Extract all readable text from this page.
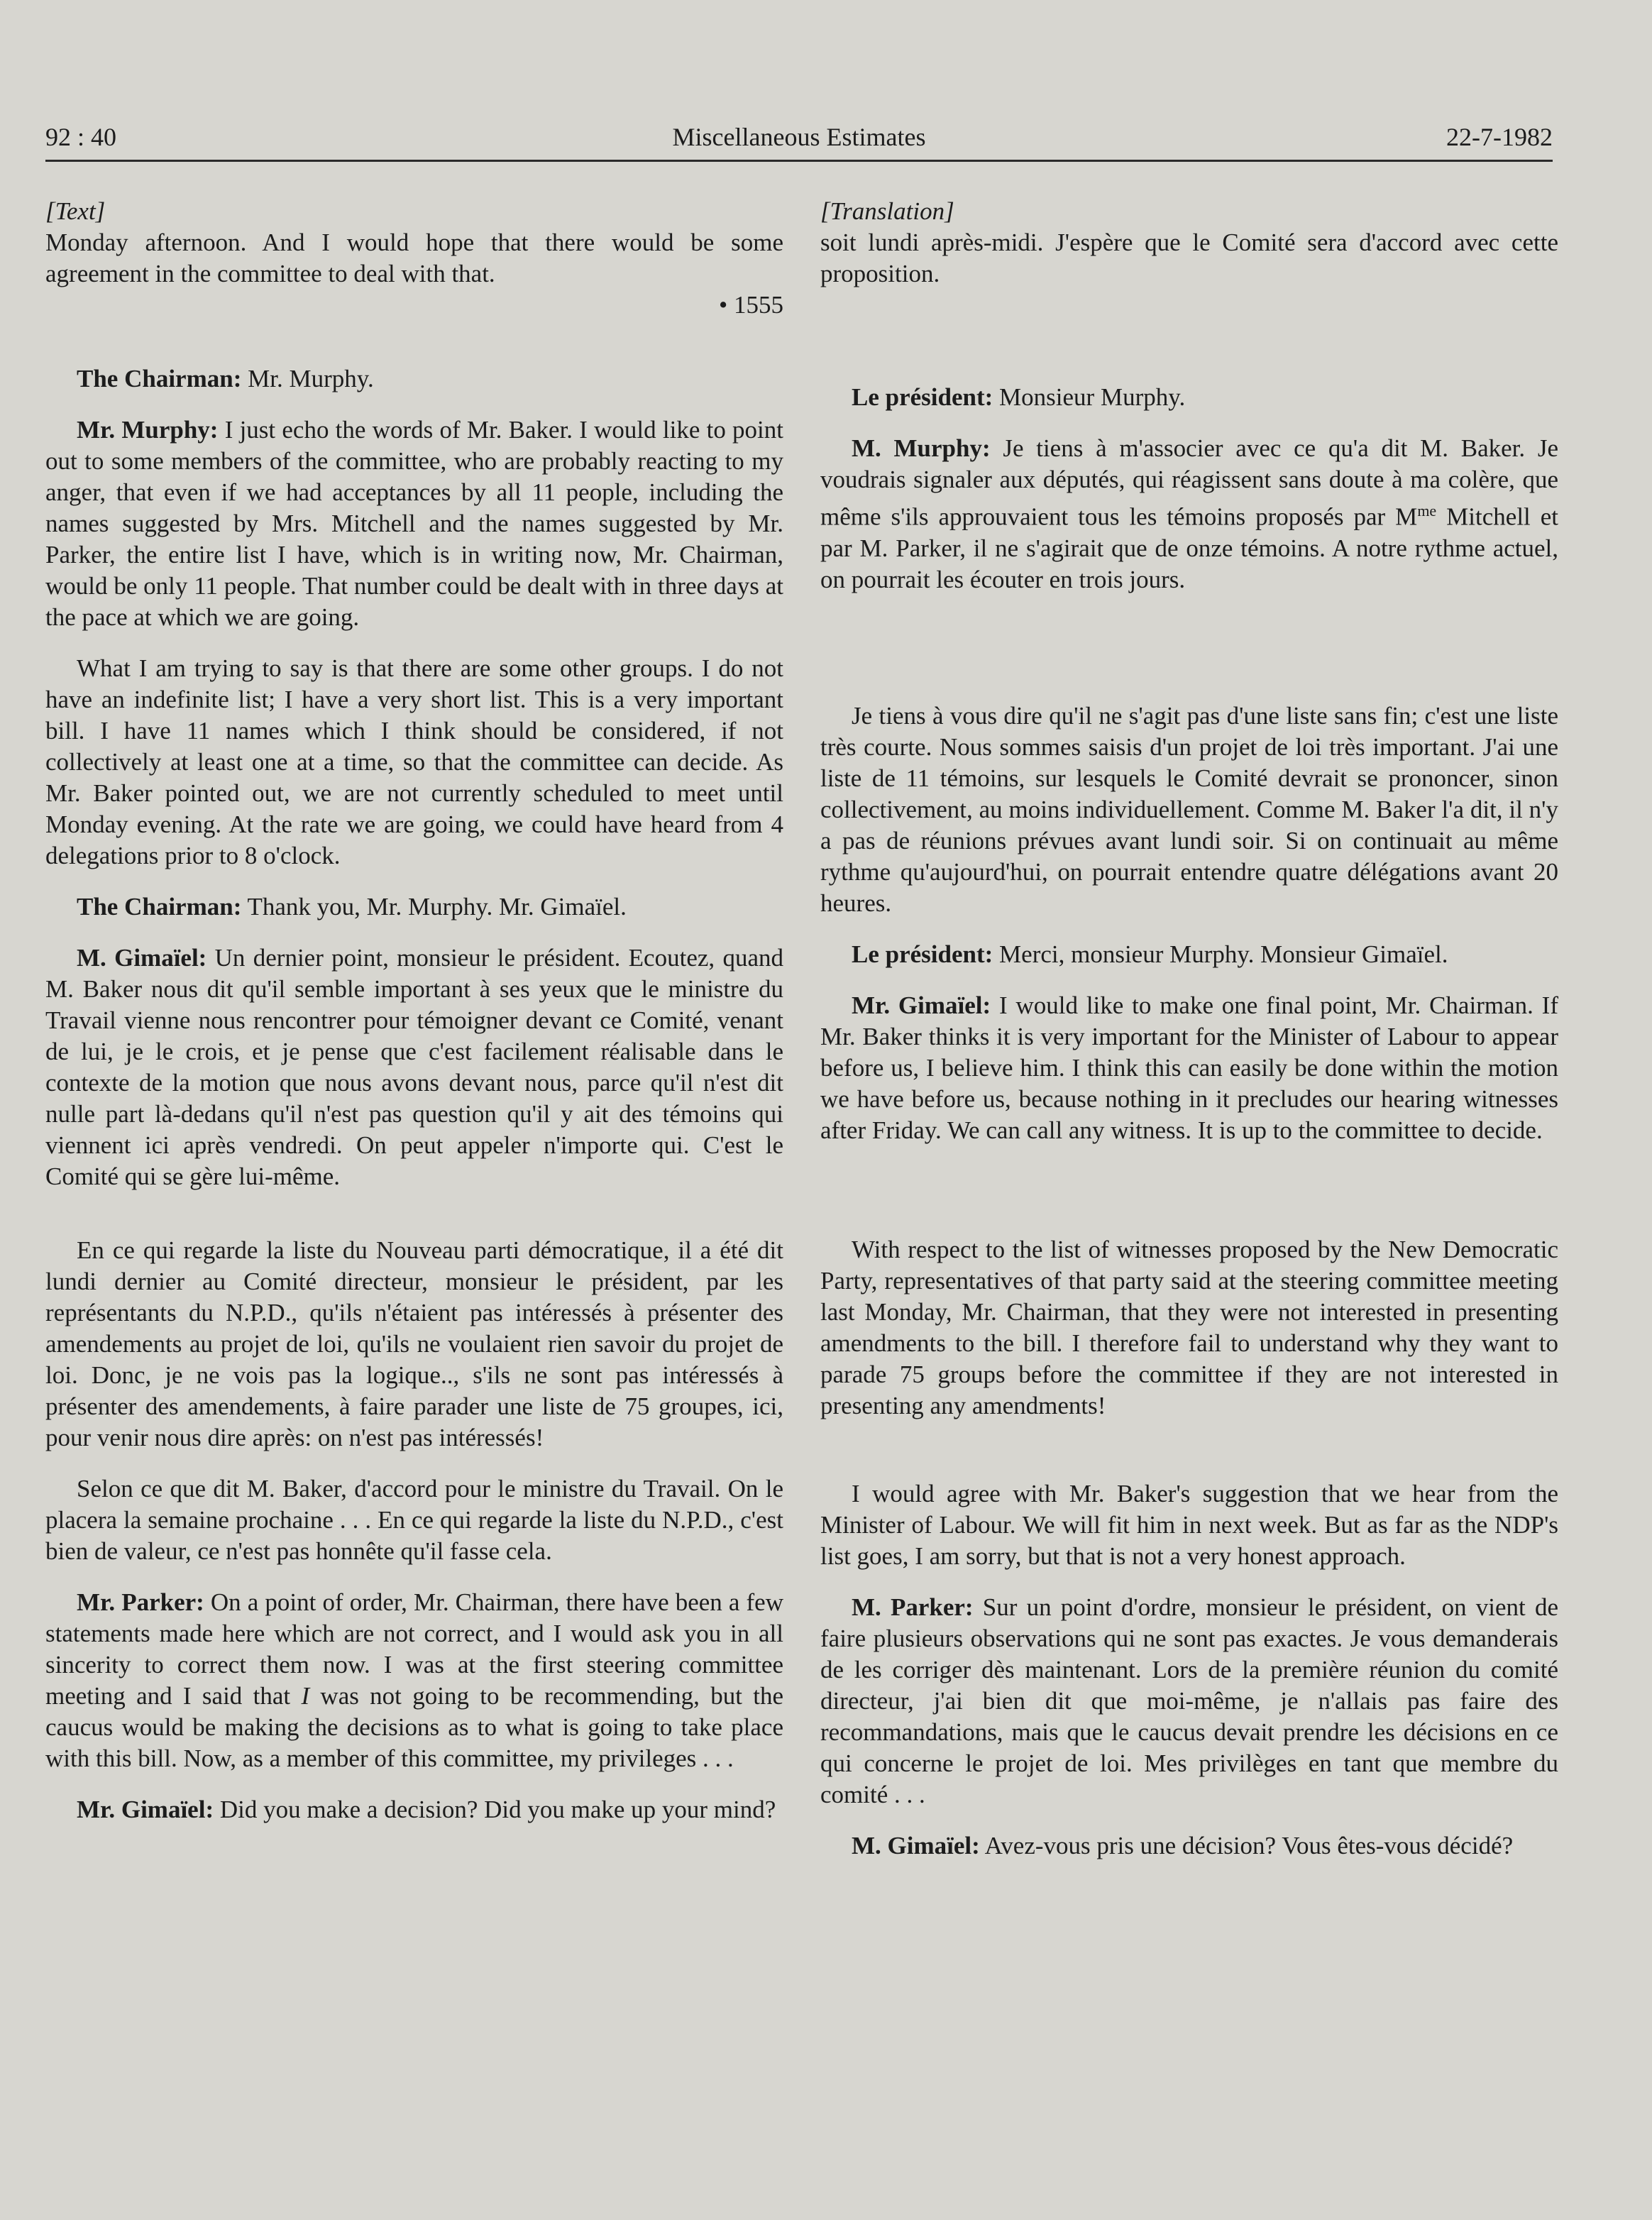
92 : 40	Miscellaneous Estimates	22-7-1982

[Text]

Monday afternoon. And I would hope that there would be some agreement in the committee to deal with that.

• 1555

The Chairman: Mr. Murphy.

Mr. Murphy: I just echo the words of Mr. Baker. I would like to point out to some members of the committee, who are probably reacting to my anger, that even if we had acceptances by all 11 people, including the names suggested by Mrs. Mitchell and the names suggested by Mr. Parker, the entire list I have, which is in writing now, Mr. Chairman, would be only 11 people. That number could be dealt with in three days at the pace at which we are going.

What I am trying to say is that there are some other groups. I do not have an indefinite list; I have a very short list. This is a very important bill. I have 11 names which I think should be considered, if not collectively at least one at a time, so that the committee can decide. As Mr. Baker pointed out, we are not currently scheduled to meet until Monday evening. At the rate we are going, we could have heard from 4 delegations prior to 8 o'clock.

The Chairman: Thank you, Mr. Murphy. Mr. Gimaïel.

M. Gimaïel: Un dernier point, monsieur le président. Ecoutez, quand M. Baker nous dit qu'il semble important à ses yeux que le ministre du Travail vienne nous rencontrer pour témoigner devant ce Comité, venant de lui, je le crois, et je pense que c'est facilement réalisable dans le contexte de la motion que nous avons devant nous, parce qu'il n'est dit nulle part là-dedans qu'il n'est pas question qu'il y ait des témoins qui viennent ici après vendredi. On peut appeler n'importe qui. C'est le Comité qui se gère lui-même.

En ce qui regarde la liste du Nouveau parti démocratique, il a été dit lundi dernier au Comité directeur, monsieur le président, par les représentants du N.P.D., qu'ils n'étaient pas intéressés à présenter des amendements au projet de loi, qu'ils ne voulaient rien savoir du projet de loi. Donc, je ne vois pas la logique.., s'ils ne sont pas intéressés à présenter des amendements, à faire parader une liste de 75 groupes, ici, pour venir nous dire après: on n'est pas intéressés!

Selon ce que dit M. Baker, d'accord pour le ministre du Travail. On le placera la semaine prochaine . . . En ce qui regarde la liste du N.P.D., c'est bien de valeur, ce n'est pas honnête qu'il fasse cela.

Mr. Parker: On a point of order, Mr. Chairman, there have been a few statements made here which are not correct, and I would ask you in all sincerity to correct them now. I was at the first steering committee meeting and I said that I was not going to be recommending, but the caucus would be making the decisions as to what is going to take place with this bill. Now, as a member of this committee, my privileges . . .

Mr. Gimaïel: Did you make a decision? Did you make up your mind?

[Translation]

soit lundi après-midi. J'espère que le Comité sera d'accord avec cette proposition.

Le président: Monsieur Murphy.

M. Murphy: Je tiens à m'associer avec ce qu'a dit M. Baker. Je voudrais signaler aux députés, qui réagissent sans doute à ma colère, que même s'ils approuvaient tous les témoins proposés par $M^{me}$ Mitchell et par M. Parker, il ne s'agirait que de onze témoins. A notre rythme actuel, on pourrait les écouter en trois jours.

Je tiens à vous dire qu'il ne s'agit pas d'une liste sans fin; c'est une liste très courte. Nous sommes saisis d'un projet de loi très important. J'ai une liste de 11 témoins, sur lesquels le Comité devrait se prononcer, sinon collectivement, au moins individuellement. Comme M. Baker l'a dit, il n'y a pas de réunions prévues avant lundi soir. Si on continuait au même rythme qu'aujourd'hui, on pourrait entendre quatre délégations avant 20 heures.

Le président: Merci, monsieur Murphy. Monsieur Gimaïel.

Mr. Gimaïel: I would like to make one final point, Mr. Chairman. If Mr. Baker thinks it is very important for the Minister of Labour to appear before us, I believe him. I think this can easily be done within the motion we have before us, because nothing in it precludes our hearing witnesses after Friday. We can call any witness. It is up to the committee to decide.

With respect to the list of witnesses proposed by the New Democratic Party, representatives of that party said at the steering committee meeting last Monday, Mr. Chairman, that they were not interested in presenting amendments to the bill. I therefore fail to understand why they want to parade 75 groups before the committee if they are not interested in presenting any amendments!

I would agree with Mr. Baker's suggestion that we hear from the Minister of Labour. We will fit him in next week. But as far as the NDP's list goes, I am sorry, but that is not a very honest approach.

M. Parker: Sur un point d'ordre, monsieur le président, on vient de faire plusieurs observations qui ne sont pas exactes. Je vous demanderais de les corriger dès maintenant. Lors de la première réunion du comité directeur, j'ai bien dit que moi-même, je n'allais pas faire des recommandations, mais que le caucus devait prendre les décisions en ce qui concerne le projet de loi. Mes privilèges en tant que membre du comité . . .

M. Gimaïel: Avez-vous pris une décision? Vous êtes-vous décidé?
